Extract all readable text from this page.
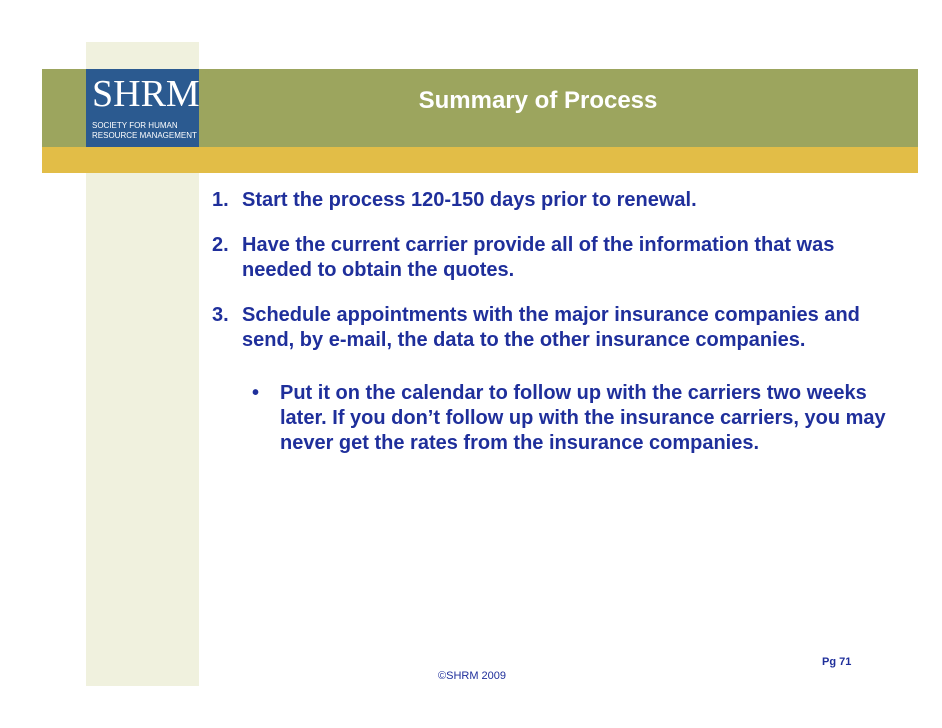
SHRM
SOCIETY FOR HUMAN
RESOURCE MANAGEMENT
TM
Summary of Process
1. Start the process 120-150 days prior to renewal.
2. Have the current carrier provide all of the information that was needed to obtain the quotes.
3. Schedule appointments with the major insurance companies and send, by e-mail, the data to the other insurance companies.
• Put it on the calendar to follow up with the carriers two weeks later. If you don’t follow up with the insurance carriers, you may never get the rates from the insurance companies.
Pg 71
©SHRM 2009
